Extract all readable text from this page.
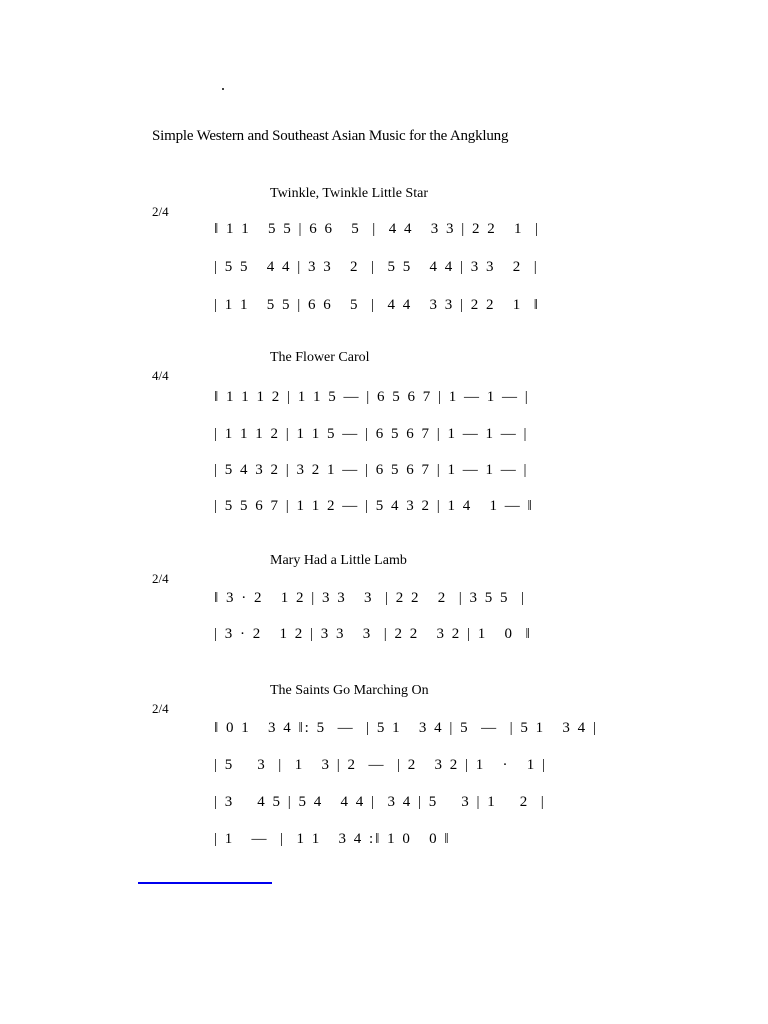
Simple Western and Southeast Asian Music for the Angklung
Twinkle, Twinkle Little Star
2/4
‖ 1 1   5 5 | 6 6   5  |  4 4   3 3 | 2 2   1  |
| 5 5   4 4 | 3 3   2  |  5 5   4 4 | 3 3   2  |
| 1 1   5 5 | 6 6   5  |  4 4   3 3 | 2 2   1  ‖
The Flower Carol
4/4
‖ 1 1 1 2 | 1 1 5 — | 6 5 6 7 | 1 — 1 — |
| 1 1 1 2 | 1 1 5 — | 6 5 6 7 | 1 — 1 — |
| 5 4 3 2 | 3 2 1 — | 6 5 6 7 | 1 — 1 — |
| 5 5 6 7 | 1 1 2 — | 5 4 3 2 | 1 4   1 — ‖
Mary Had a Little Lamb
2/4
‖ 3 · 2   1 2 | 3 3   3  | 2 2   2  | 3 5 5  |
| 3 · 2   1 2 | 3 3   3  | 2 2   3 2 | 1   0  ‖
The Saints Go Marching On
2/4
‖ 0 1   3 4 ‖: 5  —  | 5 1   3 4 | 5  —  | 5 1   3 4 |
| 5    3  |  1   3 | 2  —  | 2   3 2 | 1   ·   1 |
| 3    4 5 | 5 4   4 4 |  3 4 | 5    3 | 1    2  |
| 1   —  |  1 1   3 4 :‖ 1 0   0 ‖
